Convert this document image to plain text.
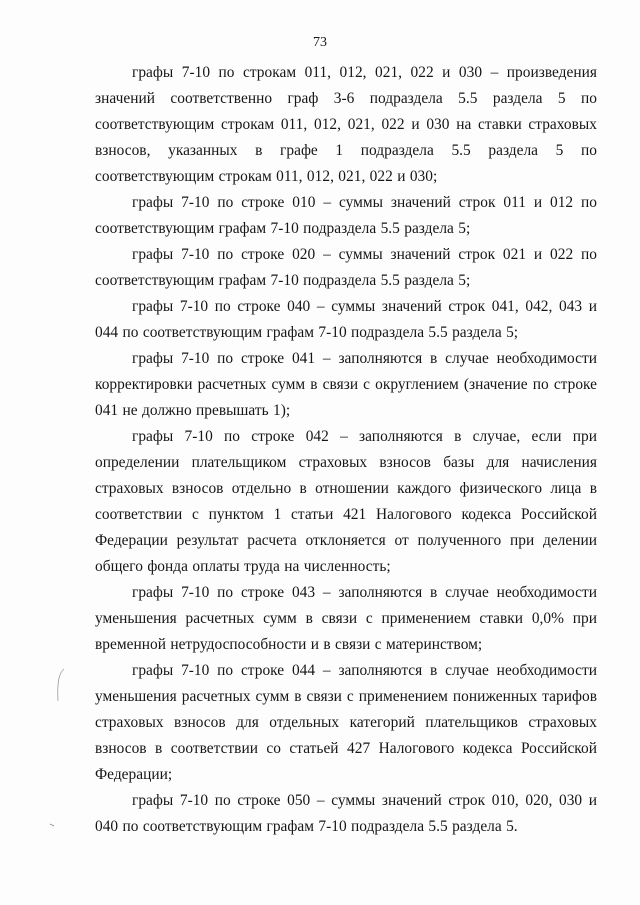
73

графы 7-10 по строкам 011, 012, 021, 022 и 030 – произведения значений соответственно граф 3-6 подраздела 5.5 раздела 5 по соответствующим строкам 011, 012, 021, 022 и 030 на ставки страховых взносов, указанных в графе 1 подраздела 5.5 раздела 5 по соответствующим строкам 011, 012, 021, 022 и 030;

графы 7-10 по строке 010 – суммы значений строк 011 и 012 по соответствующим графам 7-10 подраздела 5.5 раздела 5;

графы 7-10 по строке 020 – суммы значений строк 021 и 022 по соответствующим графам 7-10 подраздела 5.5 раздела 5;

графы 7-10 по строке 040 – суммы значений строк 041, 042, 043 и 044 по соответствующим графам 7-10 подраздела 5.5 раздела 5;

графы 7-10 по строке 041 – заполняются в случае необходимости корректировки расчетных сумм в связи с округлением (значение по строке 041 не должно превышать 1);

графы 7-10 по строке 042 – заполняются в случае, если при определении плательщиком страховых взносов базы для начисления страховых взносов отдельно в отношении каждого физического лица в соответствии с пунктом 1 статьи 421 Налогового кодекса Российской Федерации результат расчета отклоняется от полученного при делении общего фонда оплаты труда на численность;

графы 7-10 по строке 043 – заполняются в случае необходимости уменьшения расчетных сумм в связи с применением ставки 0,0% при временной нетрудоспособности и в связи с материнством;

графы 7-10 по строке 044 – заполняются в случае необходимости уменьшения расчетных сумм в связи с применением пониженных тарифов страховых взносов для отдельных категорий плательщиков страховых взносов в соответствии со статьей 427 Налогового кодекса Российской Федерации;

графы 7-10 по строке 050 – суммы значений строк 010, 020, 030 и 040 по соответствующим графам 7-10 подраздела 5.5 раздела 5.
